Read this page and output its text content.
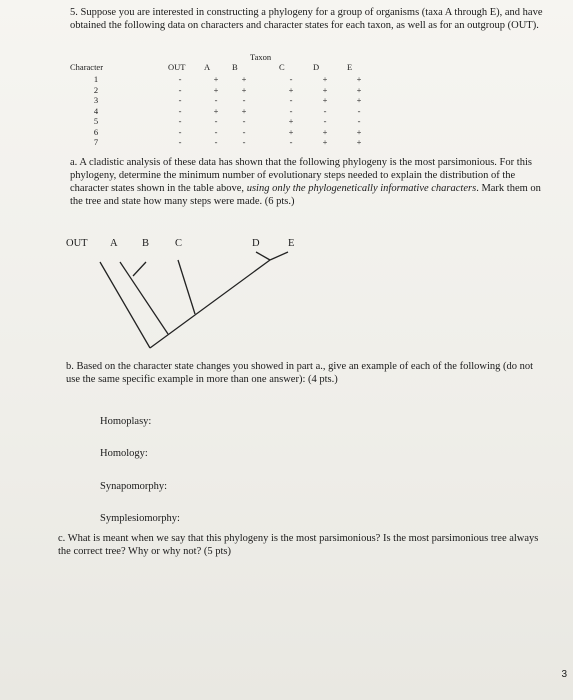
5. Suppose you are interested in constructing a phylogeny for a group of organisms (taxa A through E), and have obtained the following data on characters and character states for each taxon, as well as for an outgroup (OUT).
Taxon
Character	OUT A	B	C	D	E
1	-	+	+	-	+	+
2	-	+	+	+	+	+
3	-	-	-	-	+	+
4	-	+	+	-	-	-
5	-	-	-	+	-	-
6	-	-	-	+	+	+
7	-	-	-	-	+	+
a. A cladistic analysis of these data has shown that the following phylogeny is the most parsimonious. For this phylogeny, determine the minimum number of evolutionary steps needed to explain the distribution of the character states shown in the table above, using only the phylogenetically informative characters. Mark them on the tree and state how many steps were made. (6 pts.)
OUT A B C	D	E
b. Based on the character state changes you showed in part a., give an example of each of the following (do not use the same specific example in more than one answer): (4 pts.)
Homoplasy:
Homology:
Synapomorphy:
Symplesiomorphy:
c. What is meant when we say that this phylogeny is the most parsimonious? Is the most parsimonious tree always the correct tree? Why or why not? (5 pts)
3
